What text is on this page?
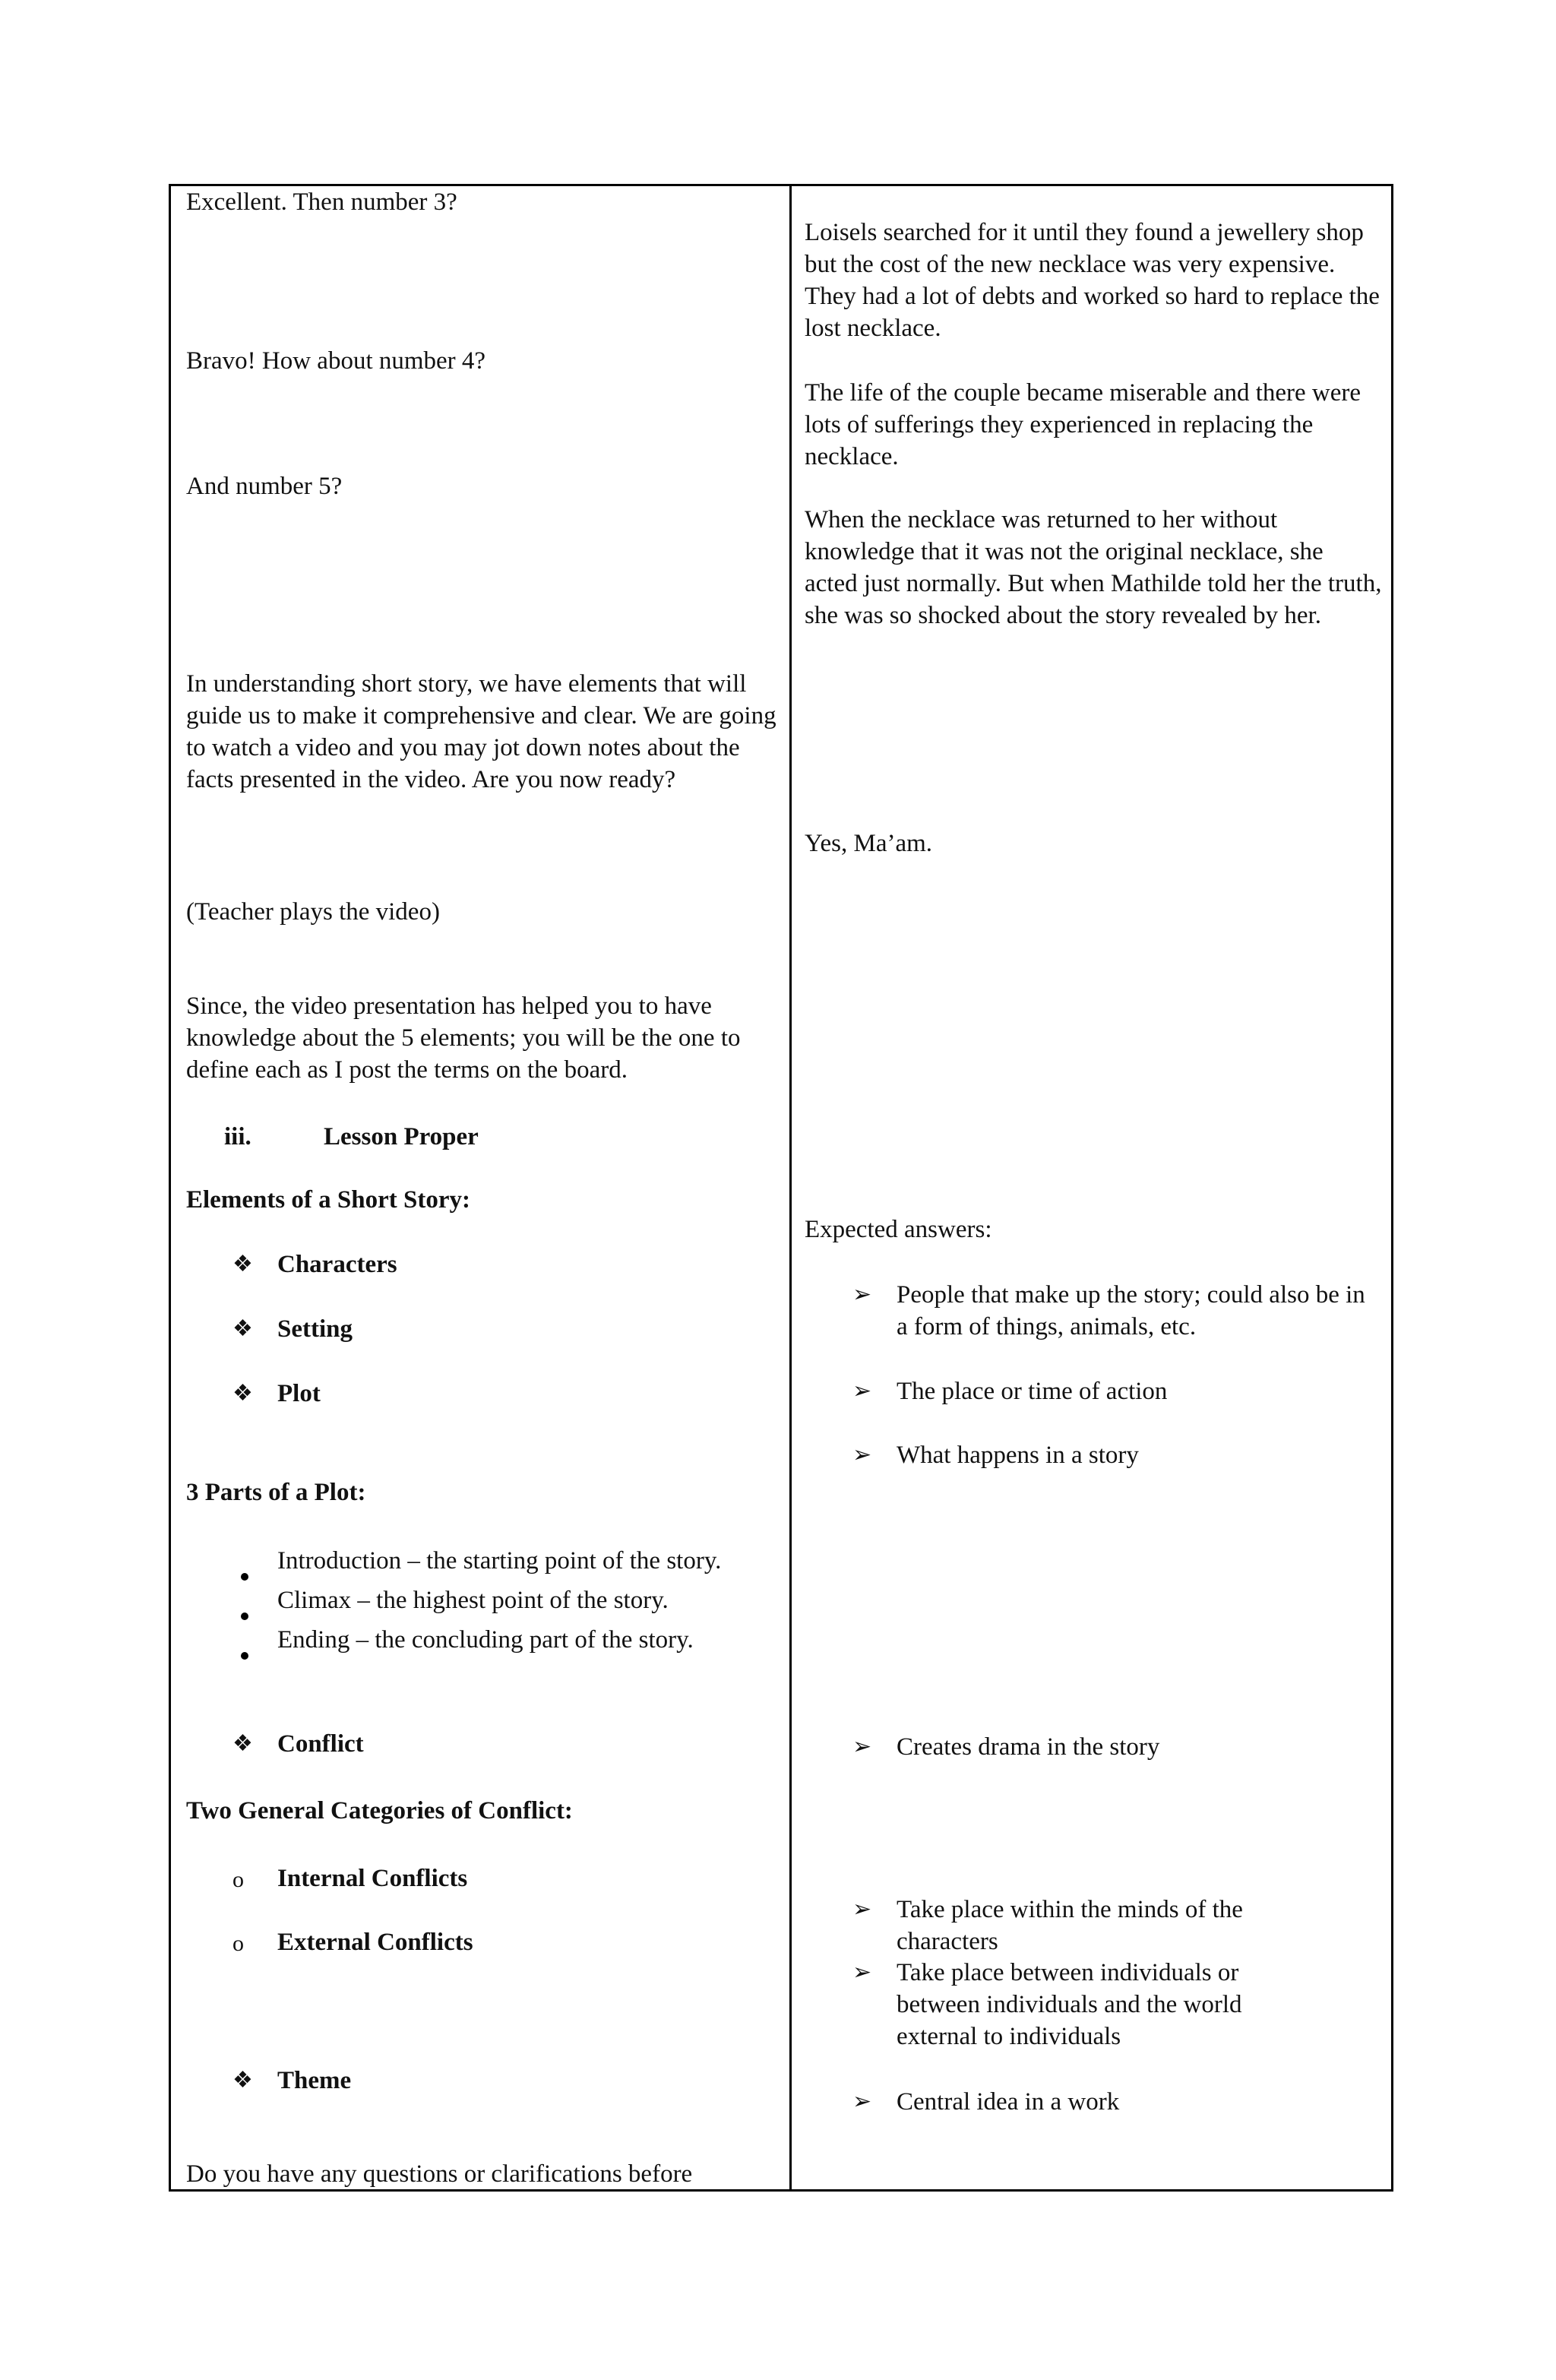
Excellent. Then number 3?
Bravo! How about number 4?
And number 5?
In understanding short story, we have elements that will guide us to make it comprehensive and clear. We are going to watch a video and you may jot down notes about the facts presented in the video. Are you now ready?
(Teacher plays the video)
Since, the video presentation has helped you to have knowledge about the 5 elements; you will be the one to define each as I post the terms on the board.
iii.	Lesson Proper
Elements of a Short Story:
❖ Characters
❖ Setting
❖ Plot
3 Parts of a Plot:
Introduction – the starting point of the story.
Climax – the highest point of the story.
Ending – the concluding part of the story.
❖ Conflict
Two General Categories of Conflict:
o Internal Conflicts
o External Conflicts
❖ Theme
Do you have any questions or clarifications before
Loisels searched for it until they found a jewellery shop but the cost of the new necklace was very expensive. They had a lot of debts and worked so hard to replace the lost necklace.
The life of the couple became miserable and there were lots of sufferings they experienced in replacing the necklace.
When the necklace was returned to her without knowledge that it was not the original necklace, she acted just normally. But when Mathilde told her the truth, she was so shocked about the story revealed by her.
Yes, Ma’am.
Expected answers:
➢ People that make up the story; could also be in a form of things, animals, etc.
➢ The place or time of action
➢ What happens in a story
➢ Creates drama in the story
➢ Take place within the minds of the characters
➢ Take place between individuals or between individuals and the world external to individuals
➢ Central idea in a work
